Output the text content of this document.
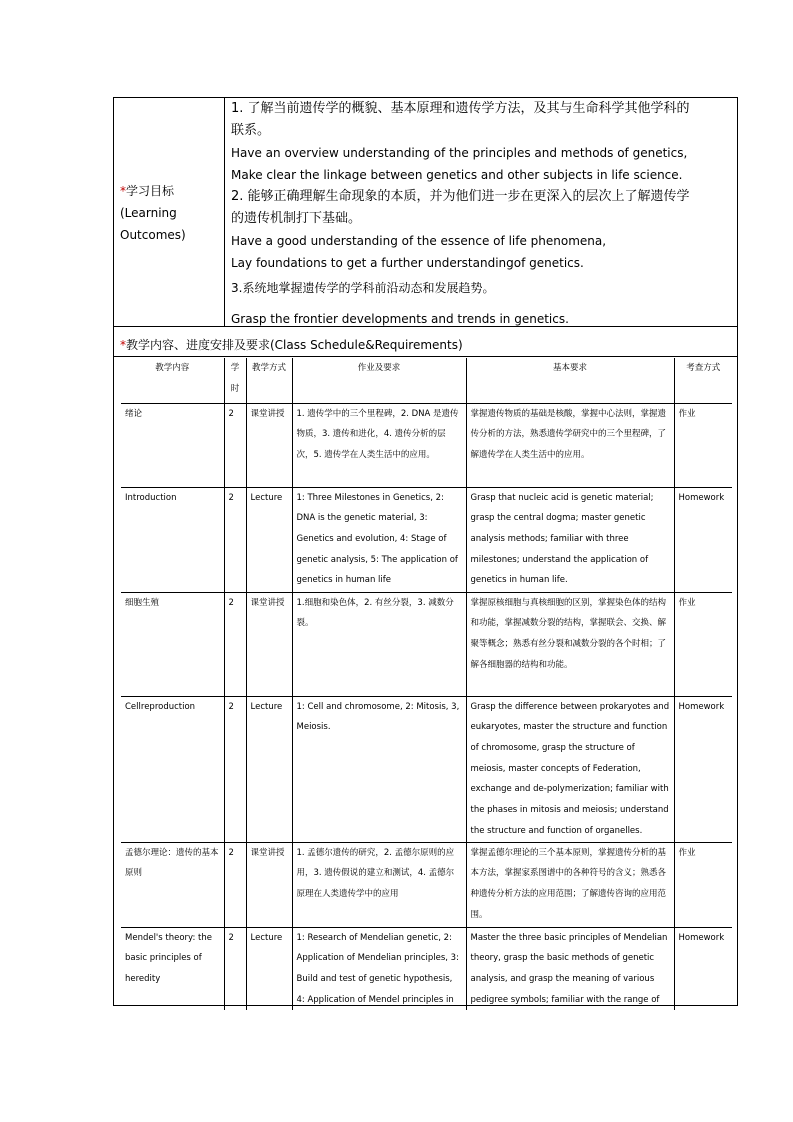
*学习目标
(Learning
Outcomes)
1. 了解当前遗传学的概貌、基本原理和遗传学方法，及其与生命科学其他学科的
联系。
Have an overview understanding of the principles and methods of genetics,
Make clear the linkage between genetics and other subjects in life science.
2. 能够正确理解生命现象的本质，并为他们进一步在更深入的层次上了解遗传学
的遗传机制打下基础。
Have a good understanding of the essence of life phenomena,
Lay foundations to get a further understandingof genetics.
3.系统地掌握遗传学的学科前沿动态和发展趋势。
Grasp the frontier developments and trends in genetics.
*教学内容、进度安排及要求(Class Schedule&Requirements)
教学内容	学时	教学方式	作业及要求	基本要求	考查方式
绪论	2	课堂讲授	1. 遗传学中的三个里程碑，2. DNA 是遗传物质，3. 遗传和进化，4. 遗传分析的层次，5. 遗传学在人类生活中的应用。	掌握遗传物质的基础是核酸，掌握中心法则，掌握遗传分析的方法，熟悉遗传学研究中的三个里程碑，了解遗传学在人类生活中的应用。	作业
Introduction	2	Lecture	1: Three Milestones in Genetics, 2: DNA is the genetic material, 3: Genetics and evolution, 4: Stage of genetic analysis, 5: The application of genetics in human life	Grasp that nucleic acid is genetic material; grasp the central dogma; master genetic analysis methods; familiar with three milestones; understand the application of genetics in human life.	Homework
细胞生殖	2	课堂讲授	1.细胞和染色体，2. 有丝分裂，3. 减数分裂。	掌握原核细胞与真核细胞的区别，掌握染色体的结构和功能，掌握减数分裂的结构，掌握联会、交换、解聚等概念；熟悉有丝分裂和减数分裂的各个时相；了解各细胞器的结构和功能。	作业
Cellreproduction	2	Lecture	1: Cell and chromosome, 2: Mitosis, 3, Meiosis.	Grasp the difference between prokaryotes and eukaryotes, master the structure and function of chromosome, grasp the structure of meiosis, master concepts of Federation, exchange and de-polymerization; familiar with the phases in mitosis and meiosis; understand the structure and function of organelles.	Homework
孟德尔理论：遗传的基本原则	2	课堂讲授	1. 孟德尔遗传的研究，2. 孟德尔原则的应用，3. 遗传假说的建立和测试，4. 孟德尔原理在人类遗传学中的应用	掌握孟德尔理论的三个基本原则，掌握遗传分析的基本方法，掌握家系图谱中的各种符号的含义；熟悉各种遗传分析方法的应用范围；了解遗传咨询的应用范围。	作业
Mendel's theory: the basic principles of heredity	2	Lecture	1: Research of Mendelian genetic, 2: Application of Mendelian principles, 3: Build and test of genetic hypothesis, 4: Application of Mendel principles in	Master the three basic principles of Mendelian theory, grasp the basic methods of genetic analysis, and grasp the meaning of various pedigree symbols; familiar with the range of	Homework
